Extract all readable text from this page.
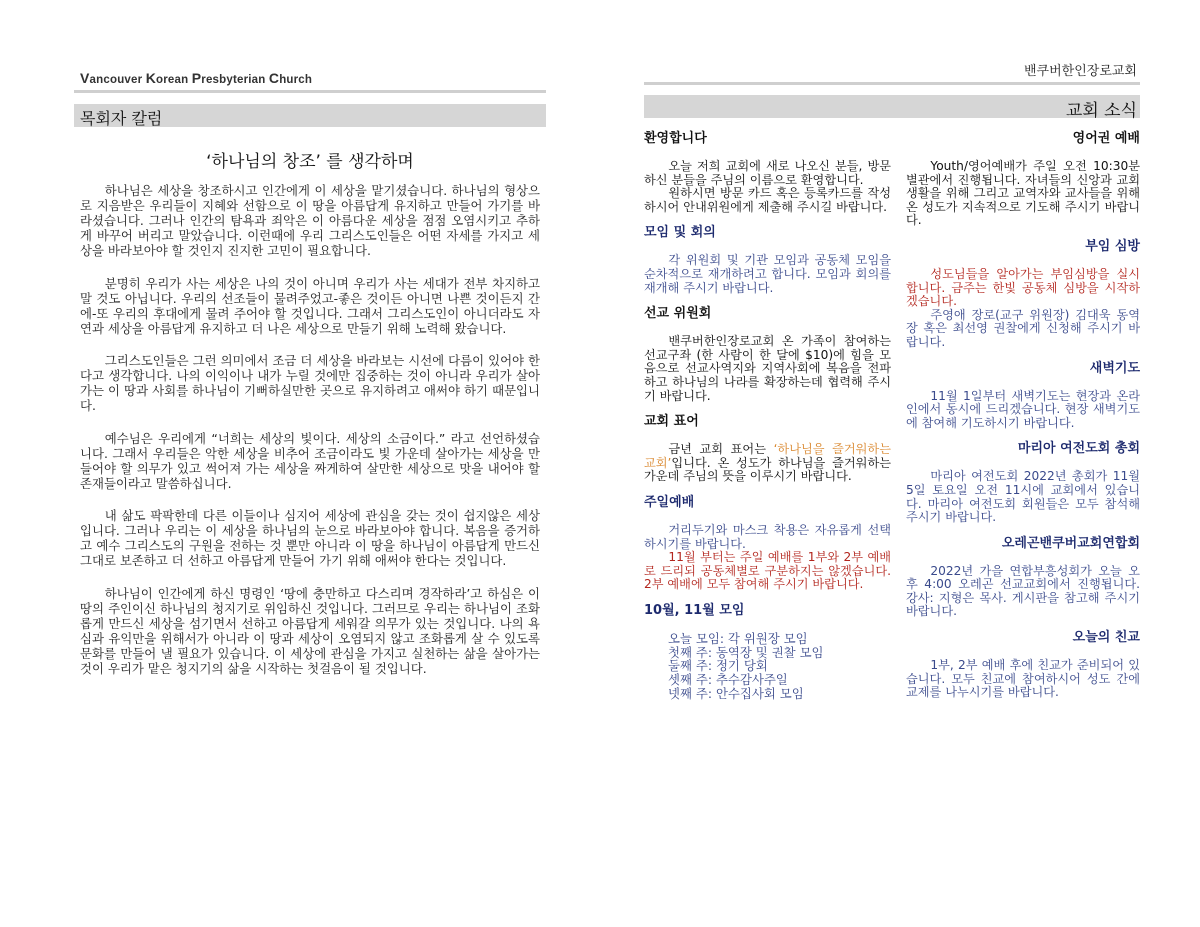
Vancouver Korean Presbyterian Church
목회자 칼럼
‘하나님의 창조’ 를 생각하며

하나님은 세상을 창조하시고 인간에게 이 세상을 맡기셨습니다. 하나님의 형상으로 지음받은 우리들이 지혜와 선함으로 이 땅을 아름답게 유지하고 만들어 가기를 바라셨습니다. 그러나 인간의 탐욕과 죄악은 이 아름다운 세상을 점점 오염시키고 추하게 바꾸어 버리고 말았습니다. 이런때에 우리 그리스도인들은 어떤 자세를 가지고 세상을 바라보아야 할 것인지 진지한 고민이 필요합니다.

분명히 우리가 사는 세상은 나의 것이 아니며 우리가 사는 세대가 전부 차지하고 말 것도 아닙니다. 우리의 선조들이 물려주었고-좋은 것이든 아니면 나쁜 것이든지 간에-또 우리의 후대에게 물려 주어야 할 것입니다. 그래서 그리스도인이 아니더라도 자연과 세상을 아름답게 유지하고 더 나은 세상으로 만들기 위해 노력해 왔습니다.

그리스도인들은 그런 의미에서 조금 더 세상을 바라보는 시선에 다름이 있어야 한다고 생각합니다. 나의 이익이나 내가 누릴 것에만 집중하는 것이 아니라 우리가 살아가는 이 땅과 사회를 하나님이 기뻐하실만한 곳으로 유지하려고 애써야 하기 때문입니다.

예수님은 우리에게 “너희는 세상의 빛이다. 세상의 소금이다.” 라고 선언하셨습니다. 그래서 우리들은 악한 세상을 비추어 조금이라도 빛 가운데 살아가는 세상을 만들어야 할 의무가 있고 썩어져 가는 세상을 짜게하여 살만한 세상으로 맛을 내어야 할 존재들이라고 말씀하십니다.

내 삶도 팍팍한데 다른 이들이나 심지어 세상에 관심을 갖는 것이 쉽지않은 세상입니다. 그러나 우리는 이 세상을 하나님의 눈으로 바라보아야 합니다. 복음을 증거하고 예수 그리스도의 구원을 전하는 것 뿐만 아니라 이 땅을 하나님이 아름답게 만드신 그대로 보존하고 더 선하고 아름답게 만들어 가기 위해 애써야 한다는 것입니다.

하나님이 인간에게 하신 명령인 ‘땅에 충만하고 다스리며 경작하라’고 하심은 이 땅의 주인이신 하나님의 청지기로 위임하신 것입니다. 그러므로 우리는 하나님이 조화롭게 만드신 세상을 섬기면서 선하고 아름답게 세워갈 의무가 있는 것입니다. 나의 욕심과 유익만을 위해서가 아니라 이 땅과 세상이 오염되지 않고 조화롭게 살 수 있도록 문화를 만들어 낼 필요가 있습니다. 이 세상에 관심을 가지고 실천하는 삶을 살아가는 것이 우리가 맡은 청지기의 삶을 시작하는 첫걸음이 될 것입니다.

밴쿠버한인장로교회
교회 소식
환영합니다

오늘 저희 교회에 새로 나오신 분들, 방문하신 분들을 주님의 이름으로 환영합니다.

원하시면 방문 카드 혹은 등록카드를 작성하시어 안내위원에게 제출해 주시길 바랍니다.

모임 및 회의

각 위원회 및 기관 모임과 공동체 모임을 순차적으로 재개하려고 합니다. 모임과 회의를 재개해 주시기 바랍니다.

선교 위원회

밴쿠버한인장로교회 온 가족이 참여하는 선교구좌 (한 사람이 한 달에 $10)에 힘을 모음으로 선교사역지와 지역사회에 복음을 전파하고 하나님의 나라를 확장하는데 협력해 주시기 바랍니다.

교회 표어

금년 교회 표어는 ‘하나님을 즐거워하는 교회’입니다. 온 성도가 하나님을 즐거워하는 가운데 주님의 뜻을 이루시기 바랍니다.

주일예배

거리두기와 마스크 착용은 자유롭게 선택하시기를 바랍니다.

11월 부터는 주일 예배를 1부와 2부 예배로 드리되 공동체별로 구분하지는 않겠습니다. 2부 예배에 모두 참여해 주시기 바랍니다.

10월, 11월 모임
오늘 모임: 각 위원장 모임
첫째 주: 동역장 및 권찰 모임
둘째 주: 정기 당회
셋째 주: 추수감사주일
넷째 주: 안수집사회 모임
영어권 예배

Youth/영어예배가 주일 오전 10:30분 별관에서 진행됩니다. 자녀들의 신앙과 교회생활을 위해 그리고 교역자와 교사들을 위해 온 성도가 지속적으로 기도해 주시기 바랍니다.

부임 심방

성도님들을 알아가는 부임심방을 실시합니다. 금주는 한빛 공동체 심방을 시작하겠습니다.

주영애 장로(교구 위원장) 김대욱 동역장 혹은 최선영 권찰에게 신청해 주시기 바랍니다.

새벽기도

11월 1일부터 새벽기도는 현장과 온라인에서 동시에 드리겠습니다. 현장 새벽기도에 참여해 기도하시기 바랍니다.

마리아 여전도회 총회

마리아 여전도회 2022년 총회가 11월 5일 토요일 오전 11시에 교회에서 있습니다. 마리아 여전도회 회원들은 모두 참석해 주시기 바랍니다.

오레곤밴쿠버교회연합회

2022년 가을 연합부흥성회가 오늘 오후 4:00 오레곤 선교교회에서 진행됩니다. 강사: 지형은 목사. 게시판을 참고해 주시기 바랍니다.

오늘의 친교

1부, 2부 예배 후에 친교가 준비되어 있습니다. 모두 친교에 참여하시어 성도 간에 교제를 나누시기를 바랍니다.
